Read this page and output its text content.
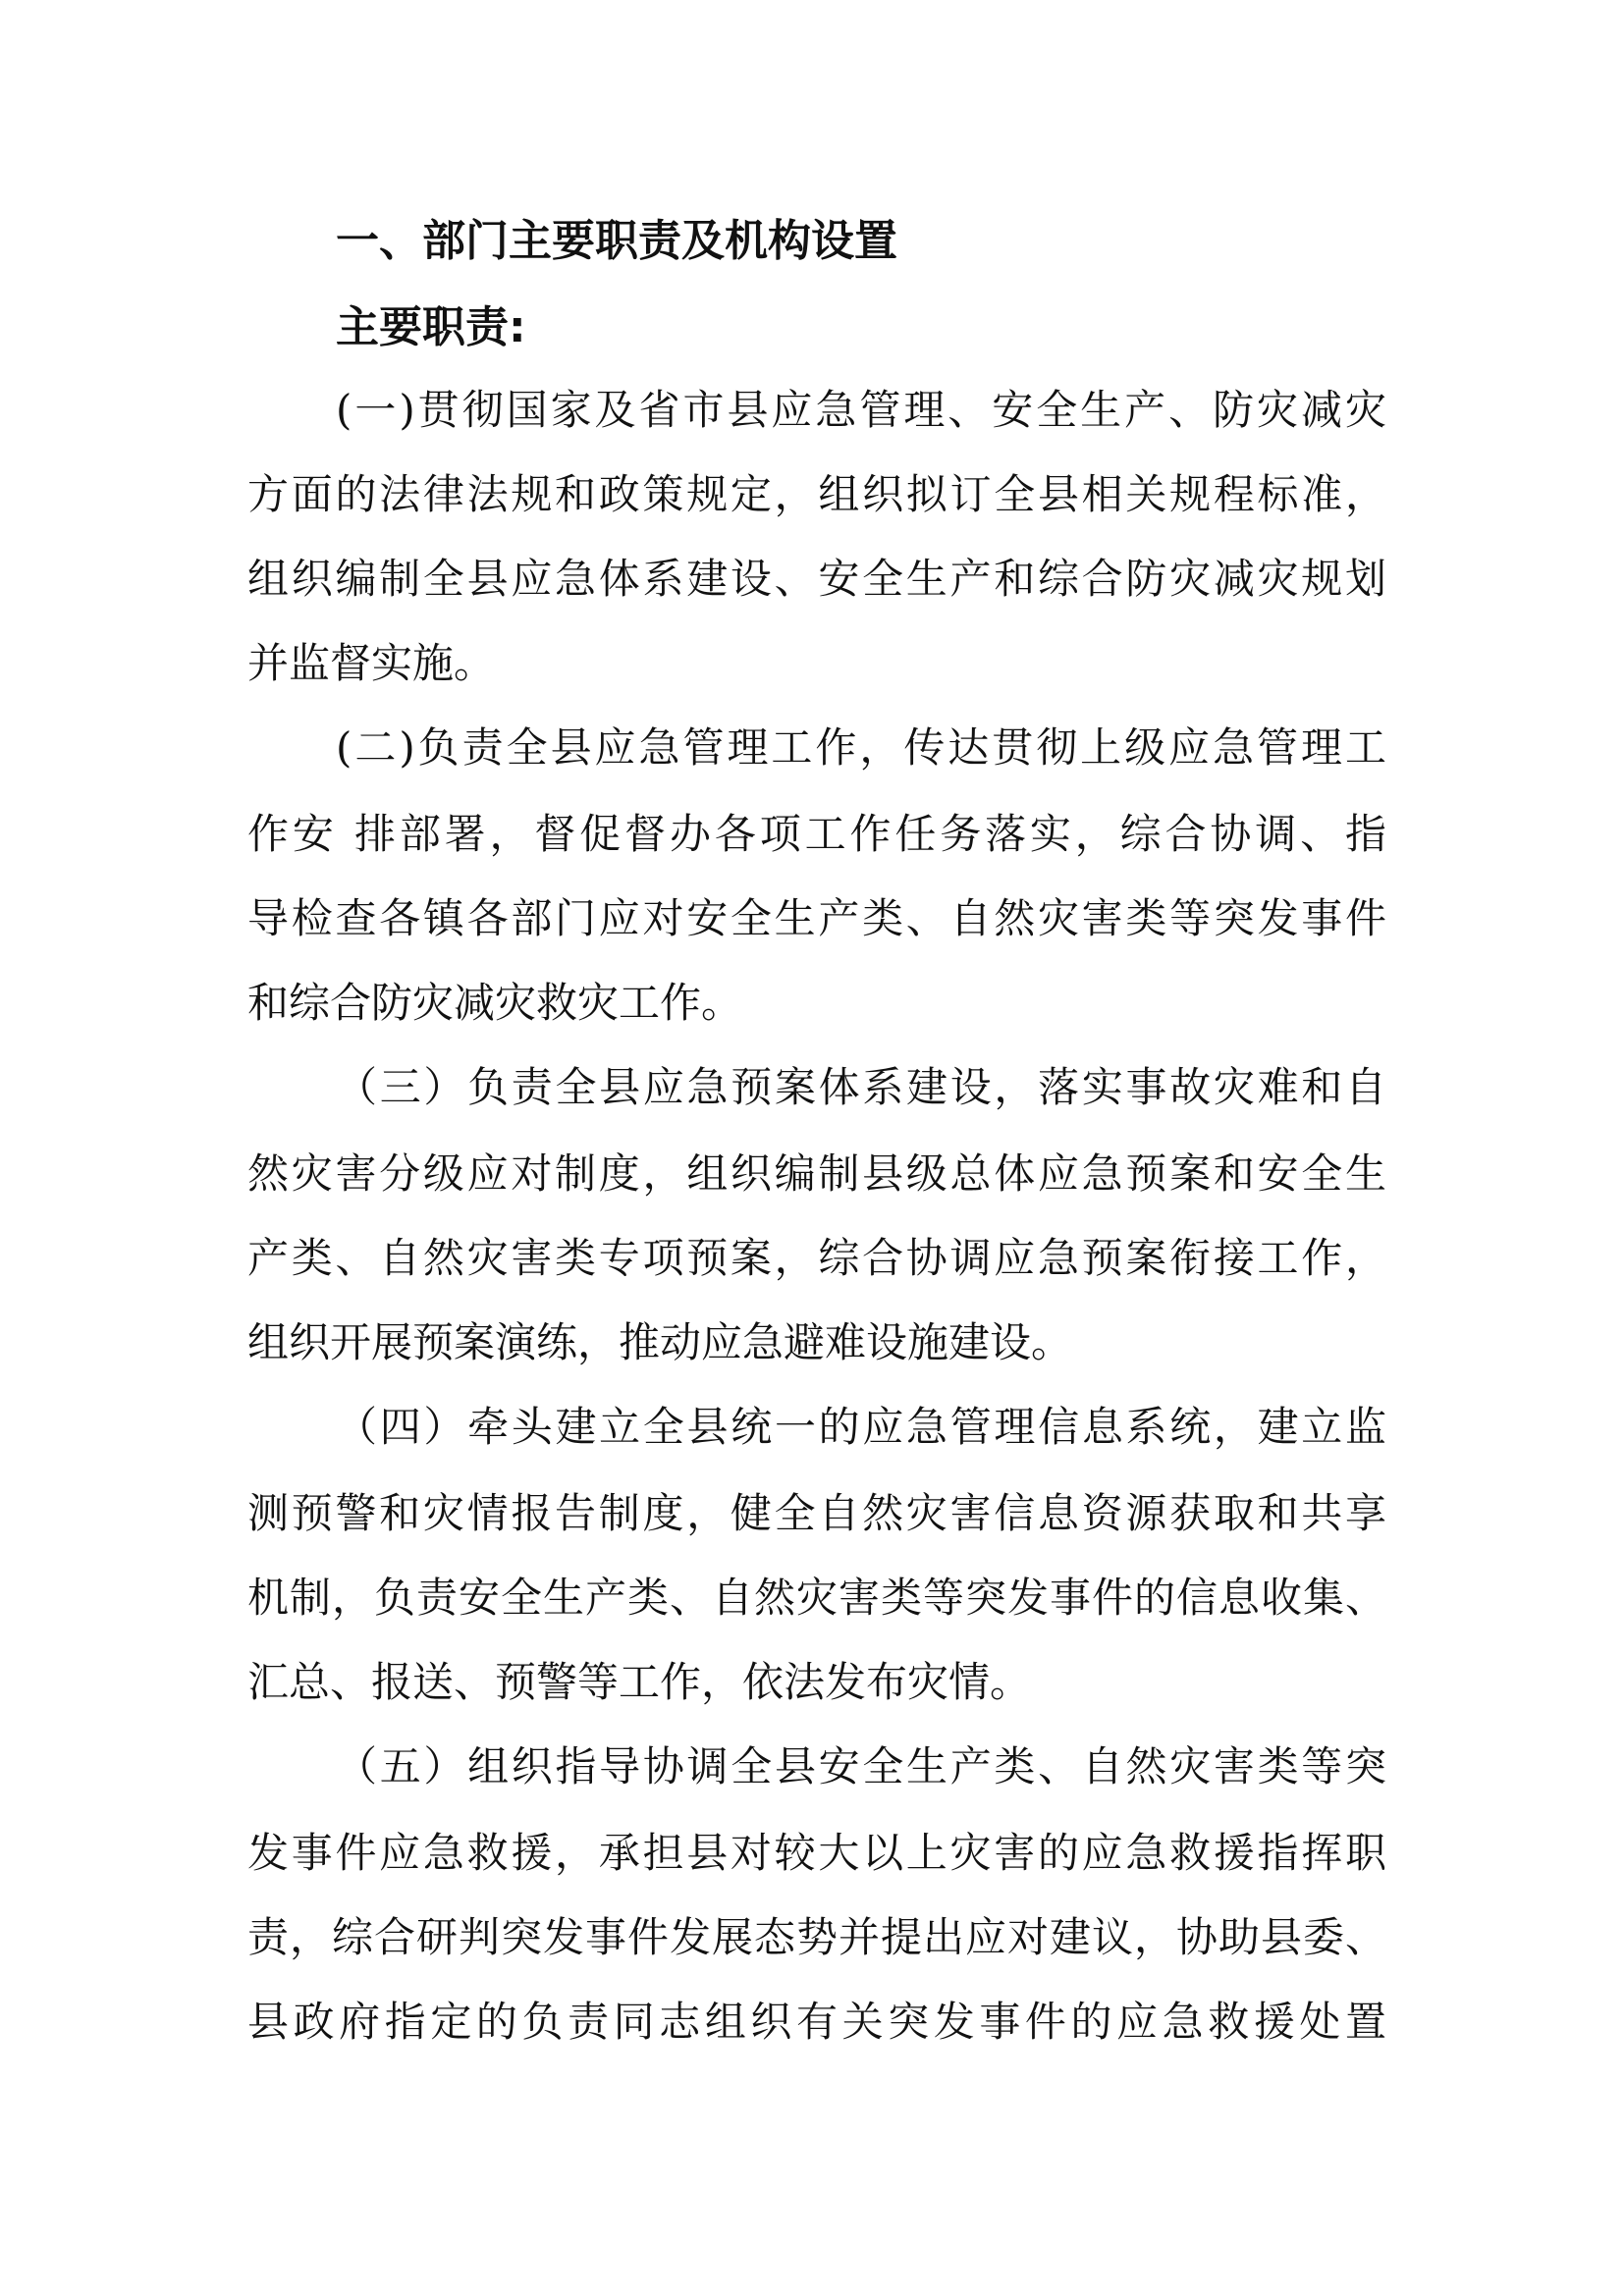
一、部门主要职责及机构设置
主要职责:
(一)贯彻国家及省市县应急管理、安全生产、防灾减灾
方面的法律法规和政策规定，组织拟订全县相关规程标准，
组织编制全县应急体系建设、安全生产和综合防灾减灾规划
并监督实施。
(二)负责全县应急管理工作，传达贯彻上级应急管理工
作安 排部署，督促督办各项工作任务落实，综合协调、指
导检查各镇各部门应对安全生产类、自然灾害类等突发事件
和综合防灾减灾救灾工作。
（三）负责全县应急预案体系建设，落实事故灾难和自
然灾害分级应对制度，组织编制县级总体应急预案和安全生
产类、自然灾害类专项预案，综合协调应急预案衔接工作，
组织开展预案演练，推动应急避难设施建设。
（四）牵头建立全县统一的应急管理信息系统，建立监
测预警和灾情报告制度，健全自然灾害信息资源获取和共享
机制，负责安全生产类、自然灾害类等突发事件的信息收集、
汇总、报送、预警等工作，依法发布灾情。
（五）组织指导协调全县安全生产类、自然灾害类等突
发事件应急救援，承担县对较大以上灾害的应急救援指挥职
责，综合研判突发事件发展态势并提出应对建议，协助县委、
县政府指定的负责同志组织有关突发事件的应急救援处置
